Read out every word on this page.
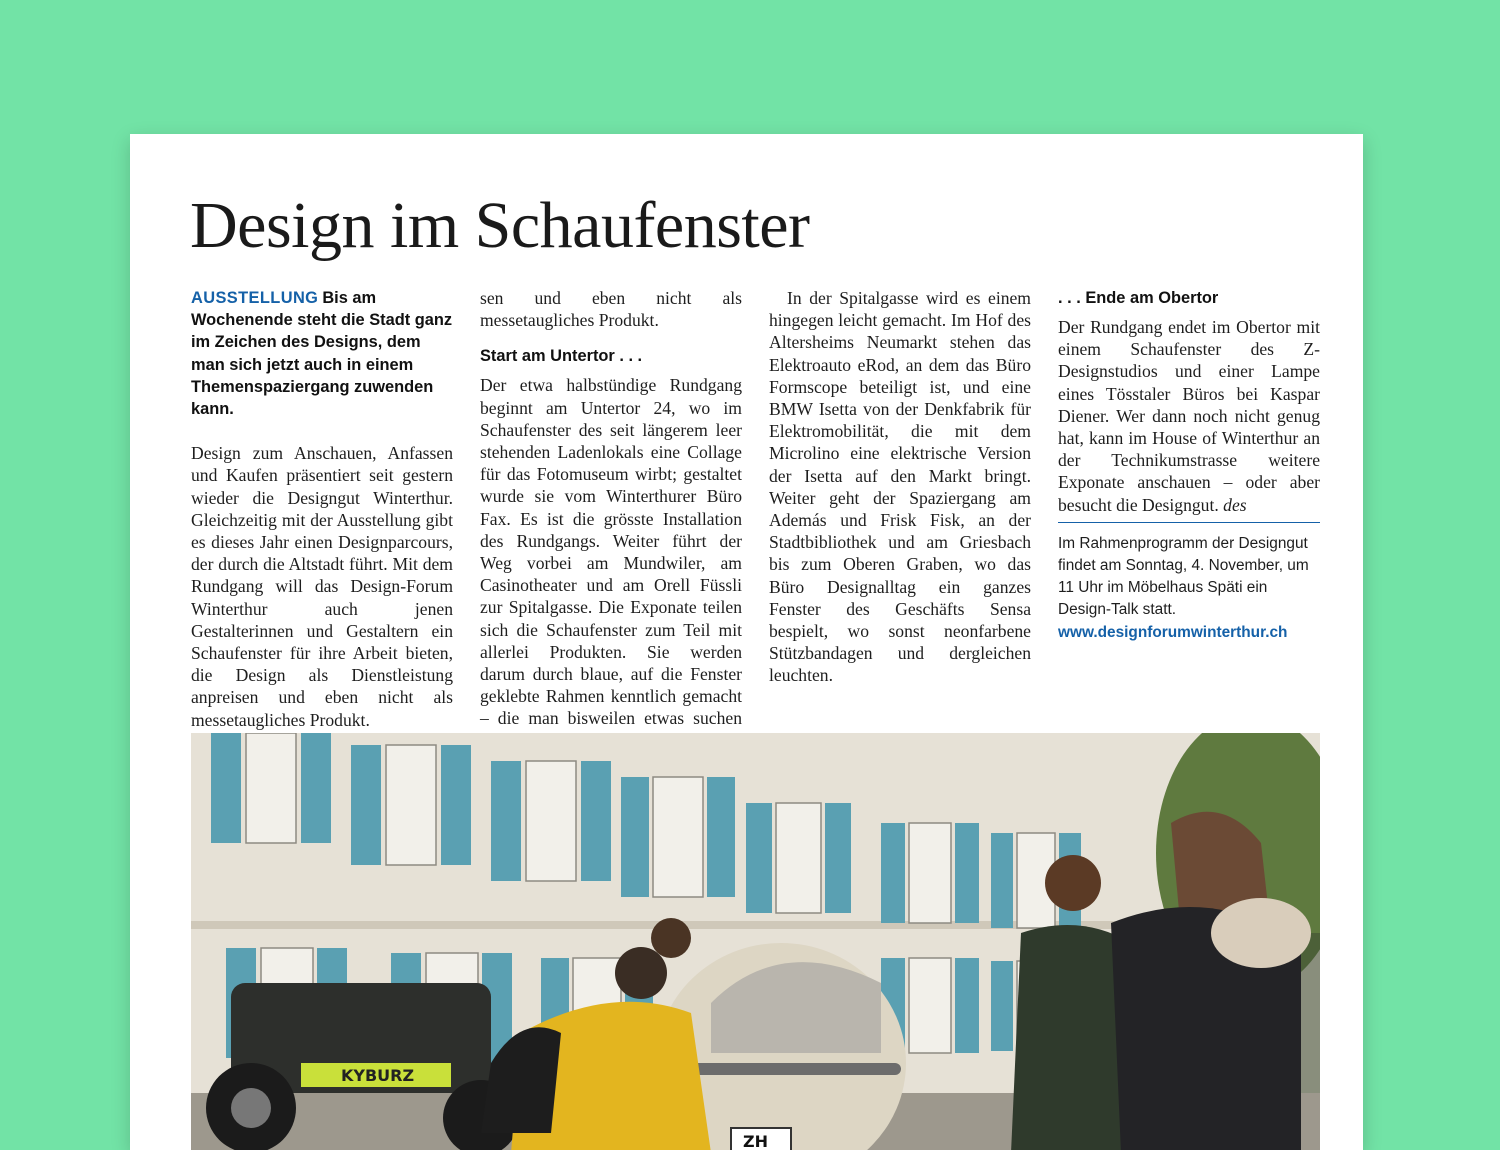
Design im Schaufenster

AUSSTELLUNG Bis am Wochenende steht die Stadt ganz im Zeichen des Designs, dem man sich jetzt auch in einem Themenspaziergang zuwenden kann.

Design zum Anschauen, Anfassen und Kaufen präsentiert seit gestern wieder die Designgut Winterthur. Gleichzeitig mit der Ausstellung gibt es dieses Jahr einen Designparcours, der durch die Altstadt führt. Mit dem Rundgang will das Design-Forum Winterthur auch jenen Gestalterinnen und Gestaltern ein Schaufenster für ihre Arbeit bieten, die Design als Dienstleistung anpreisen und eben nicht als messetaugliches Produkt.

sen und eben nicht als messetaugliches Produkt.

Start am Untertor . . .

Der etwa halbstündige Rundgang beginnt am Untertor 24, wo im Schaufenster des seit längerem leer stehenden Ladenlokals eine Collage für das Fotomuseum wirbt; gestaltet wurde sie vom Winterthurer Büro Fax. Es ist die grösste Installation des Rundgangs. Weiter führt der Weg vorbei am Mundwiler, am Casinotheater und am Orell Füssli zur Spitalgasse. Die Exponate teilen sich die Schaufenster zum Teil mit allerlei Produkten. Sie werden darum durch blaue, auf die Fenster geklebte Rahmen kenntlich gemacht – die man bisweilen etwas suchen

In der Spitalgasse wird es einem hingegen leicht gemacht. Im Hof des Altersheims Neumarkt stehen das Elektroauto eRod, an dem das Büro Formscope beteiligt ist, und eine BMW Isetta von der Denkfabrik für Elektromobilität, die mit dem Microlino eine elektrische Version der Isetta auf den Markt bringt. Weiter geht der Spaziergang am Además und Frisk Fisk, an der Stadtbibliothek und am Griesbach bis zum Oberen Graben, wo das Büro Designalltag ein ganzes Fenster des Geschäfts Sensa bespielt, wo sonst neonfarbene Stützbandagen und dergleichen leuchten.

. . . Ende am Obertor

Der Rundgang endet im Obertor mit einem Schaufenster des Z-Designstudios und einer Lampe eines Tösstaler Büros bei Kaspar Diener. Wer dann noch nicht genug hat, kann im House of Winterthur an der Technikumstrasse weitere Exponate anschauen – oder aber besucht die Designgut. des

Im Rahmenprogramm der Designgut findet am Sonntag, 4. November, um 11 Uhr im Möbelhaus Späti ein Design-Talk statt.

www.designforumwinterthur.ch

KYBURZ
ZH
